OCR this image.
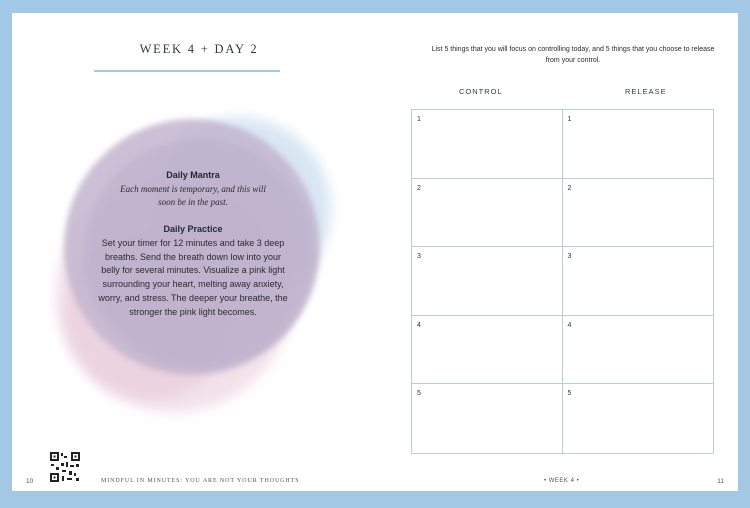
WEEK 4 + DAY 2
Daily Mantra
Each moment is temporary, and this will soon be in the past.
Daily Practice
Set your timer for 12 minutes and take 3 deep breaths. Send the breath down low into your belly for several minutes. Visualize a pink light surrounding your heart, melting away anxiety, worry, and stress. The deeper your breathe, the stronger the pink light becomes.
10	MINDFUL IN MINUTES: YOU ARE NOT YOUR THOUGHTS
List 5 things that you will focus on controlling today, and 5 things that you choose to release from your control.
CONTROL	RELEASE
1	1
2	2
3	3
4	4
5	5
• WEEK 4 •	11
